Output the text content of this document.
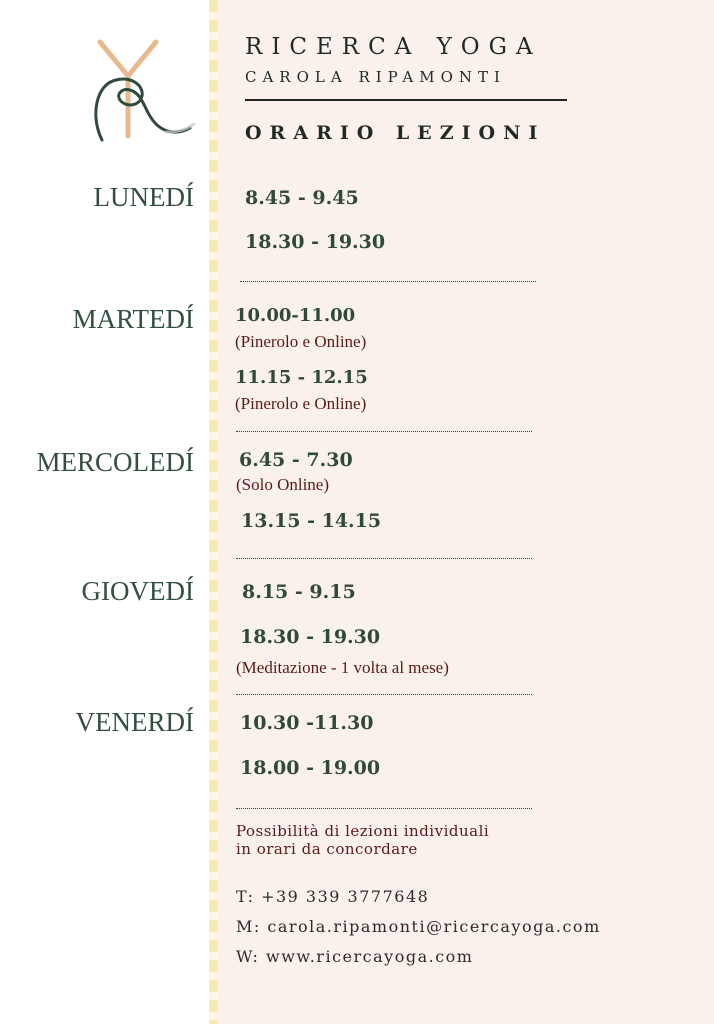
RICERCA YOGA
CAROLA RIPAMONTI
ORARIO LEZIONI
LUNEDÍ	8.45 - 9.45
18.30 - 19.30
MARTEDÍ 10.00-11.00
(Pinerolo e Online)
11.15 - 12.15
(Pinerolo e Online)
MERCOLEDÍ 6.45 - 7.30
(Solo Online)
13.15 - 14.15
GIOVEDÍ	8.15 - 9.15
18.30 - 19.30
(Meditazione - 1 volta al mese)
VENERDÍ 10.30 -11.30
18.00 - 19.00
Possibilità di lezioni individuali
in orari da concordare
T: +39 339 3777648
M: carola.ripamonti@ricercayoga.com
W: www.ricercayoga.com
